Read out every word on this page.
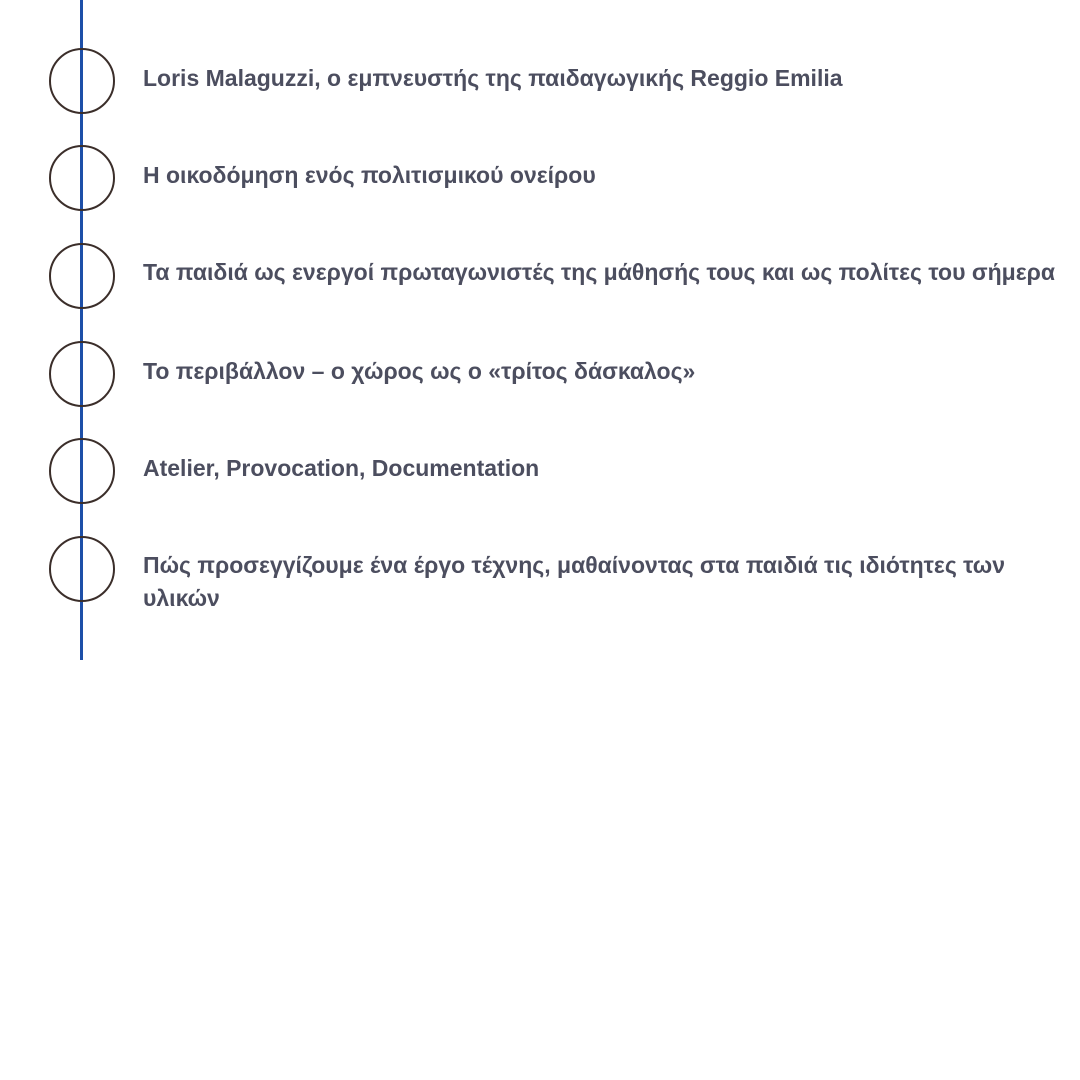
Loris Malaguzzi, ο εμπνευστής της παιδαγωγικής Reggio Emilia

Η οικοδόμηση ενός πολιτισμικού ονείρου

Τα παιδιά ως ενεργοί πρωταγωνιστές της μάθησής τους και ως πολίτες του σήμερα

Το περιβάλλον – ο χώρος ως ο «τρίτος δάσκαλος»

Atelier, Provocation, Documentation

Πώς προσεγγίζουμε ένα έργο τέχνης, μαθαίνοντας στα παιδιά τις ιδιότητες των υλικών
